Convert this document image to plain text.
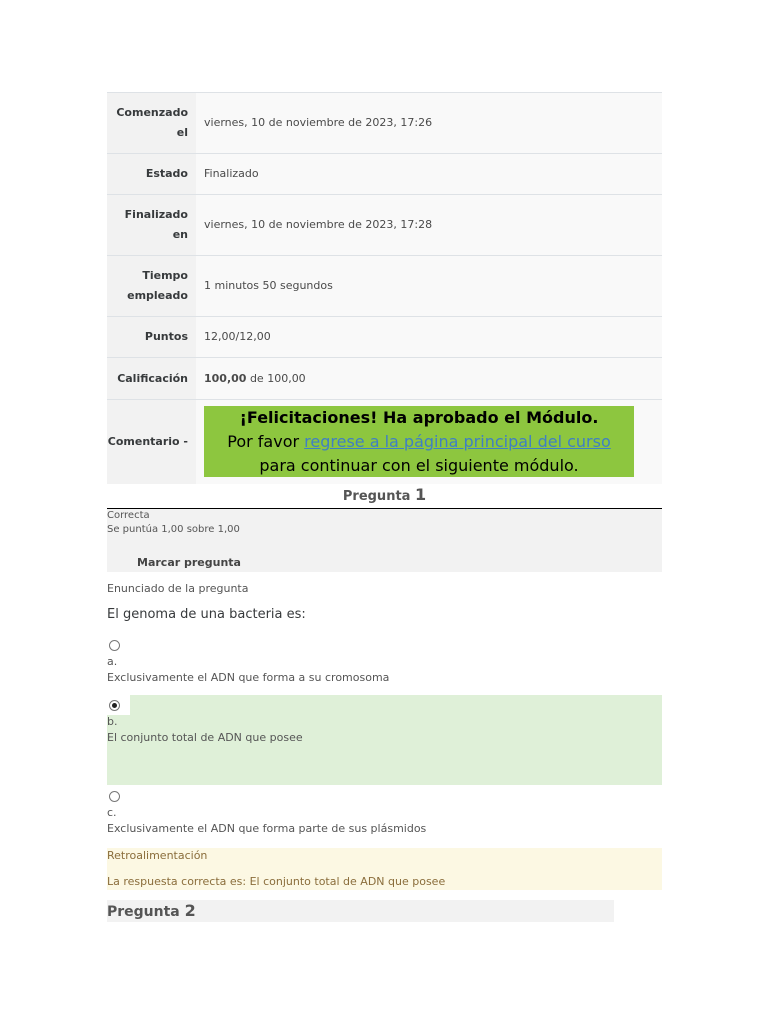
Comenzado el	viernes, 10 de noviembre de 2023, 17:26
Estado	Finalizado
Finalizado en	viernes, 10 de noviembre de 2023, 17:28
Tiempo empleado	1 minutos 50 segundos
Puntos	12,00/12,00
Calificación	100,00 de 100,00
Comentario -	¡Felicitaciones! Ha aprobado el Módulo.
Por favor regrese a la página principal del curso para continuar con el siguiente módulo.
Pregunta 1
Correcta
Se puntúa 1,00 sobre 1,00
Marcar pregunta
Enunciado de la pregunta
El genoma de una bacteria es:
a.
Exclusivamente el ADN que forma a su cromosoma
b.
El conjunto total de ADN que posee
c.
Exclusivamente el ADN que forma parte de sus plásmidos
Retroalimentación
La respuesta correcta es: El conjunto total de ADN que posee
Pregunta 2
